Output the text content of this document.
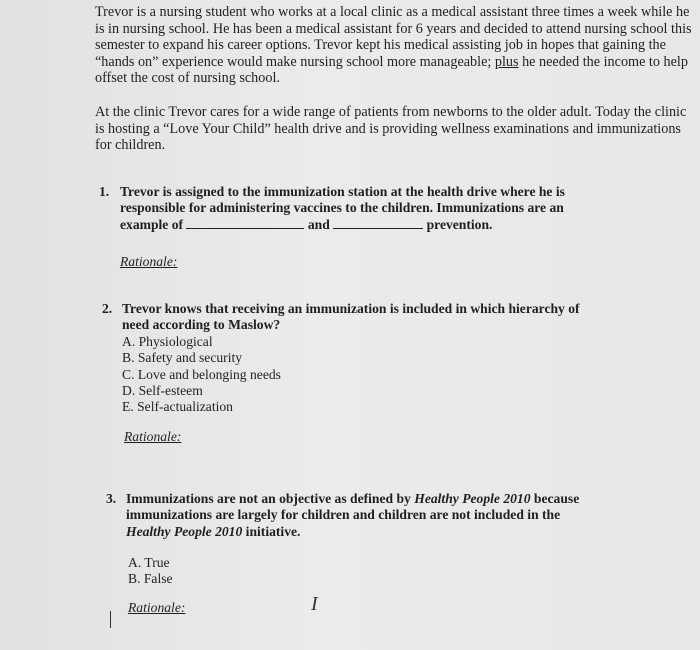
Trevor is a nursing student who works at a local clinic as a medical assistant three times a week while he is in nursing school. He has been a medical assistant for 6 years and decided to attend nursing school this semester to expand his career options. Trevor kept his medical assisting job in hopes that gaining the “hands on” experience would make nursing school more manageable; plus he needed the income to help offset the cost of nursing school.

At the clinic Trevor cares for a wide range of patients from newborns to the older adult. Today the clinic is hosting a “Love Your Child” health drive and is providing wellness examinations and immunizations for children.

1. Trevor is assigned to the immunization station at the health drive where he is
responsible for administering vaccines to the children. Immunizations are an
example of	and	prevention.
Rationale:
2. Trevor knows that receiving an immunization is included in which hierarchy of
need according to Maslow?
A. Physiological
B. Safety and security
C. Love and belonging needs
D. Self-esteem
E. Self-actualization
Rationale:
3. Immunizations are not an objective as defined by Healthy People 2010 because
immunizations are largely for children and children are not included in the
Healthy People 2010 initiative.
A. True
B. False
Rationale:	I
